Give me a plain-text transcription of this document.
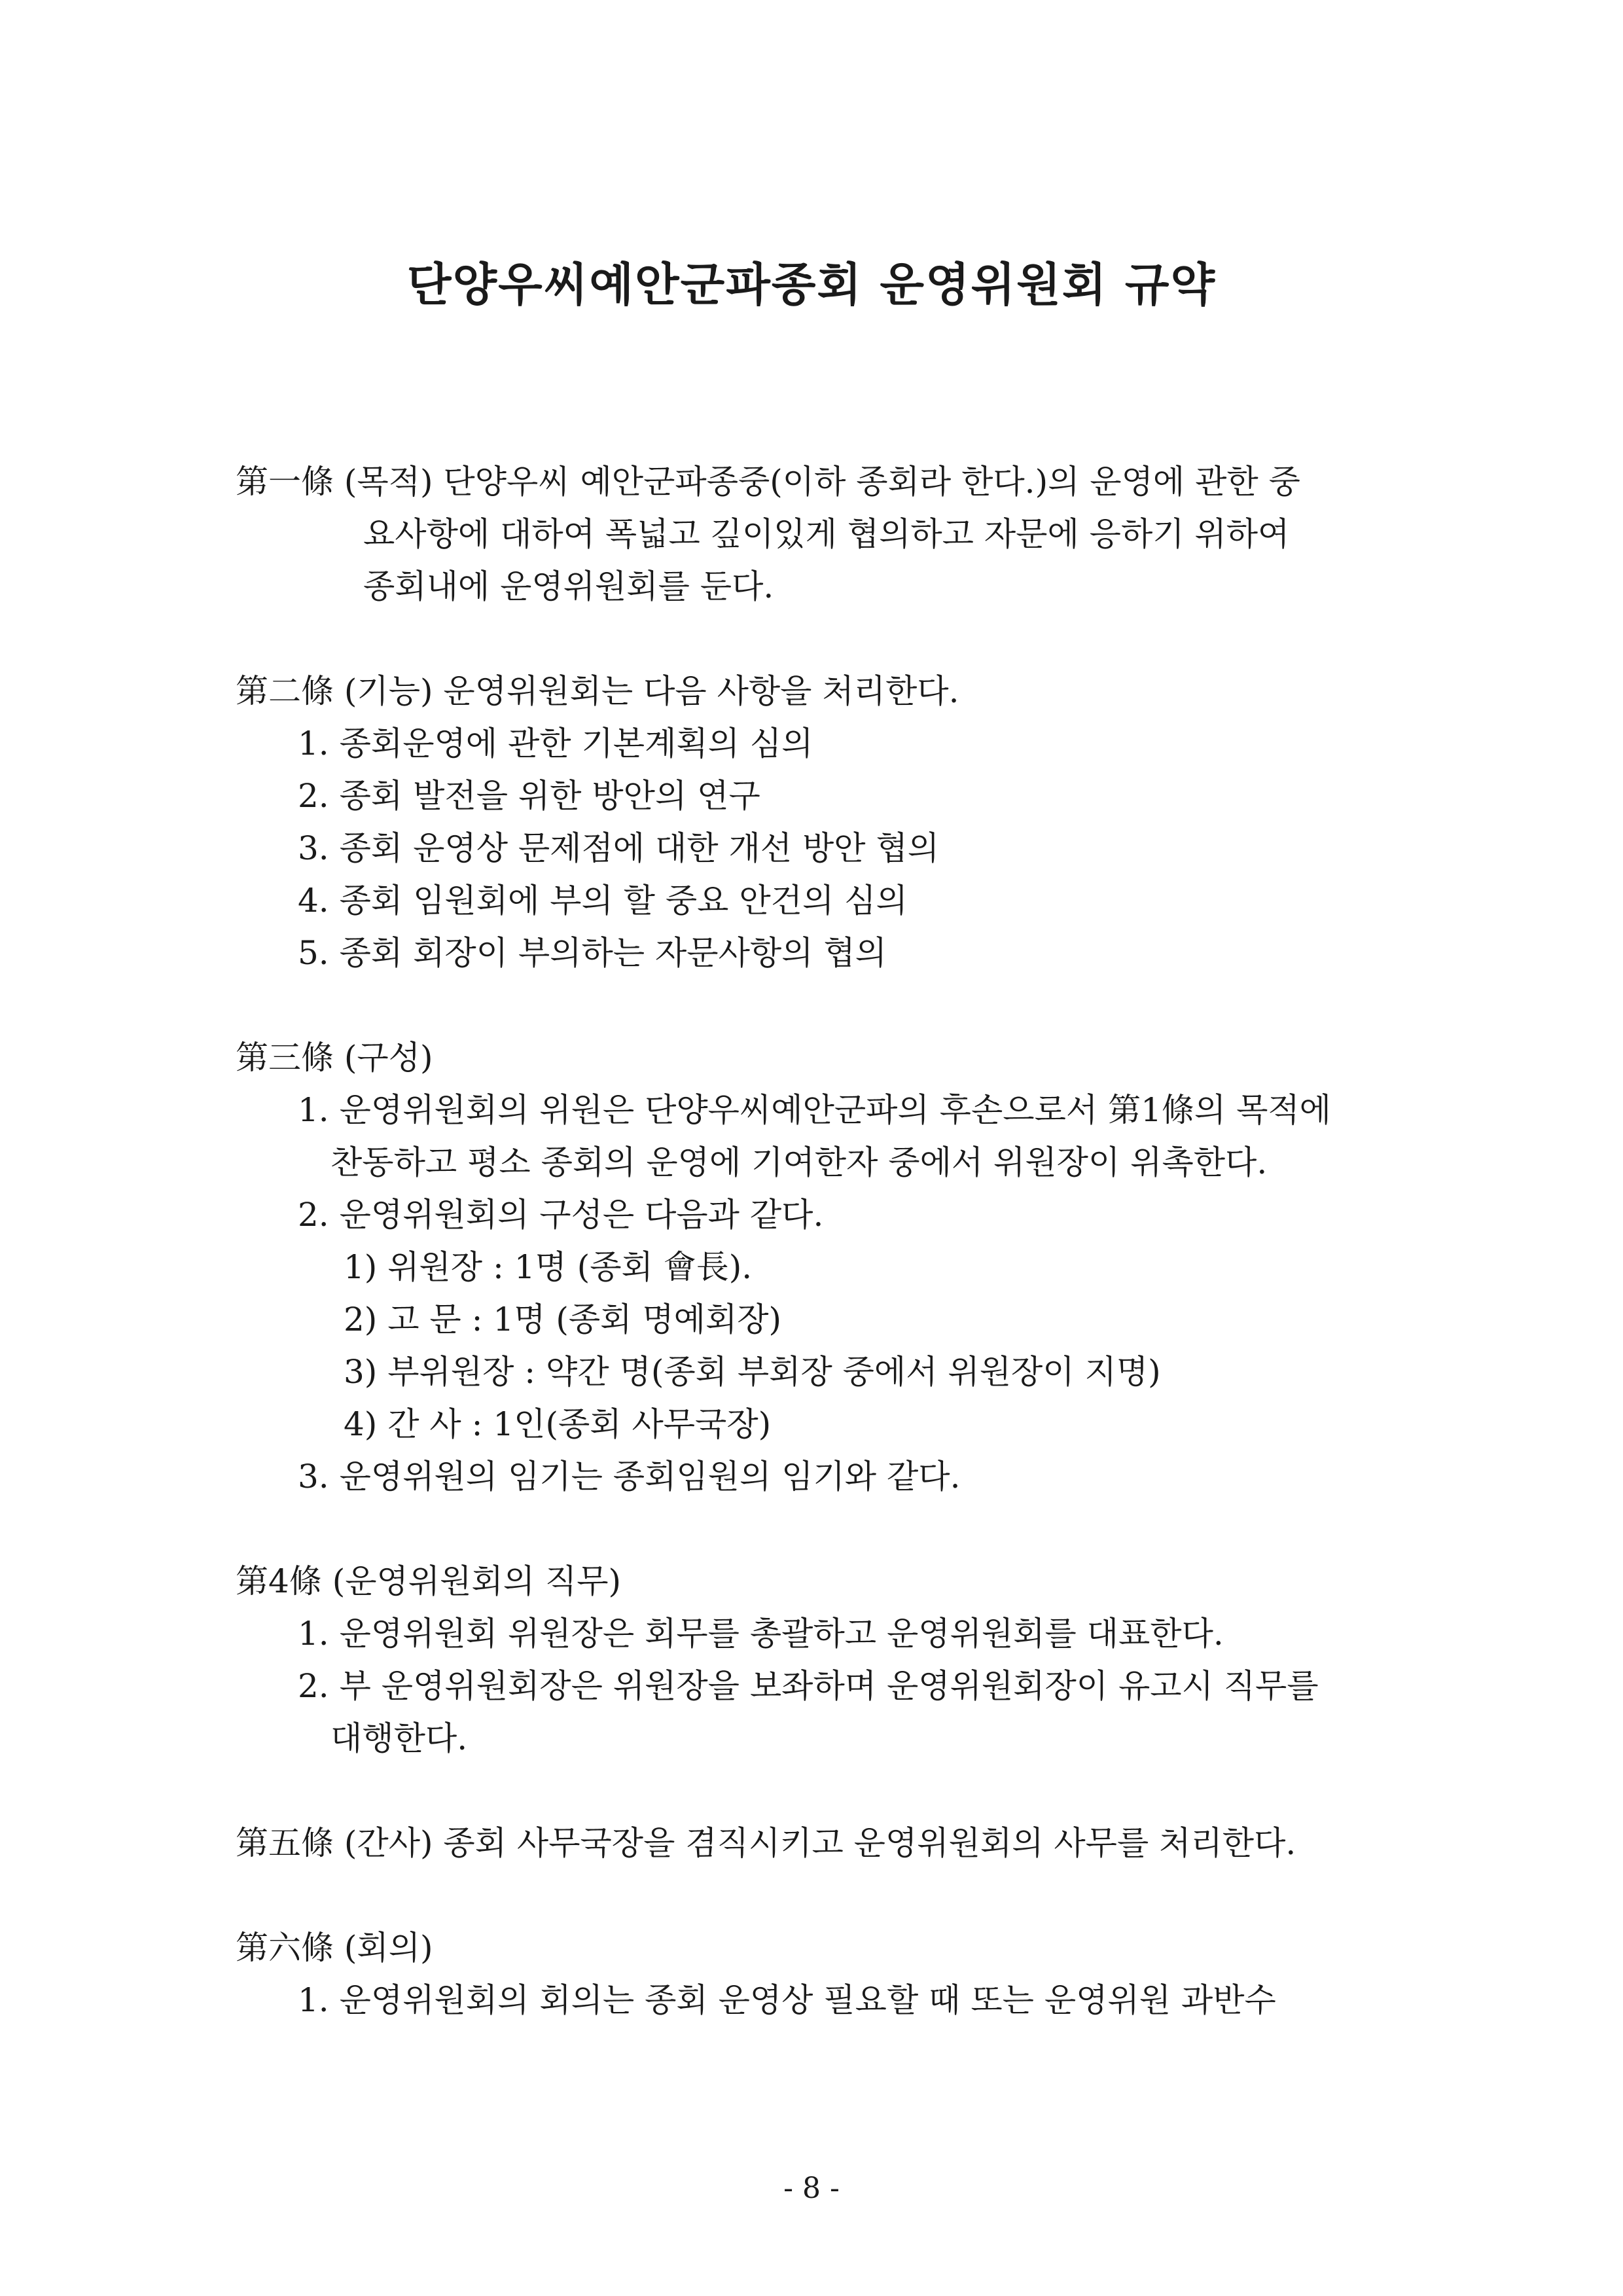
단양우씨예안군파종회 운영위원회 규약
第一條 (목적) 단양우씨 예안군파종중(이하 종회라 한다.)의 운영에 관한 중
요사항에 대하여 폭넓고 깊이있게 협의하고 자문에 응하기 위하여
종회내에 운영위원회를 둔다.
第二條 (기능) 운영위원회는 다음 사항을 처리한다.
1. 종회운영에 관한 기본계획의 심의
2. 종회 발전을 위한 방안의 연구
3. 종회 운영상 문제점에 대한 개선 방안 협의
4. 종회 임원회에 부의 할 중요 안건의 심의
5. 종회 회장이 부의하는 자문사항의 협의
第三條 (구성)
1. 운영위원회의 위원은 단양우씨예안군파의 후손으로서 第1條의 목적에
찬동하고 평소 종회의 운영에 기여한자 중에서 위원장이 위촉한다.
2. 운영위원회의 구성은 다음과 같다.
1) 위원장 : 1명 (종회 會長).
2) 고 문 : 1명 (종회 명예회장)
3) 부위원장 : 약간 명(종회 부회장 중에서 위원장이 지명)
4) 간 사 : 1인(종회 사무국장)
3. 운영위원의 임기는 종회임원의 임기와 같다.
第4條 (운영위원회의 직무)
1. 운영위원회 위원장은 회무를 총괄하고 운영위원회를 대표한다.
2. 부 운영위원회장은 위원장을 보좌하며 운영위원회장이 유고시 직무를
대행한다.
第五條 (간사) 종회 사무국장을 겸직시키고 운영위원회의 사무를 처리한다.
第六條 (회의)
1. 운영위원회의 회의는 종회 운영상 필요할 때 또는 운영위원 과반수
- 8 -
